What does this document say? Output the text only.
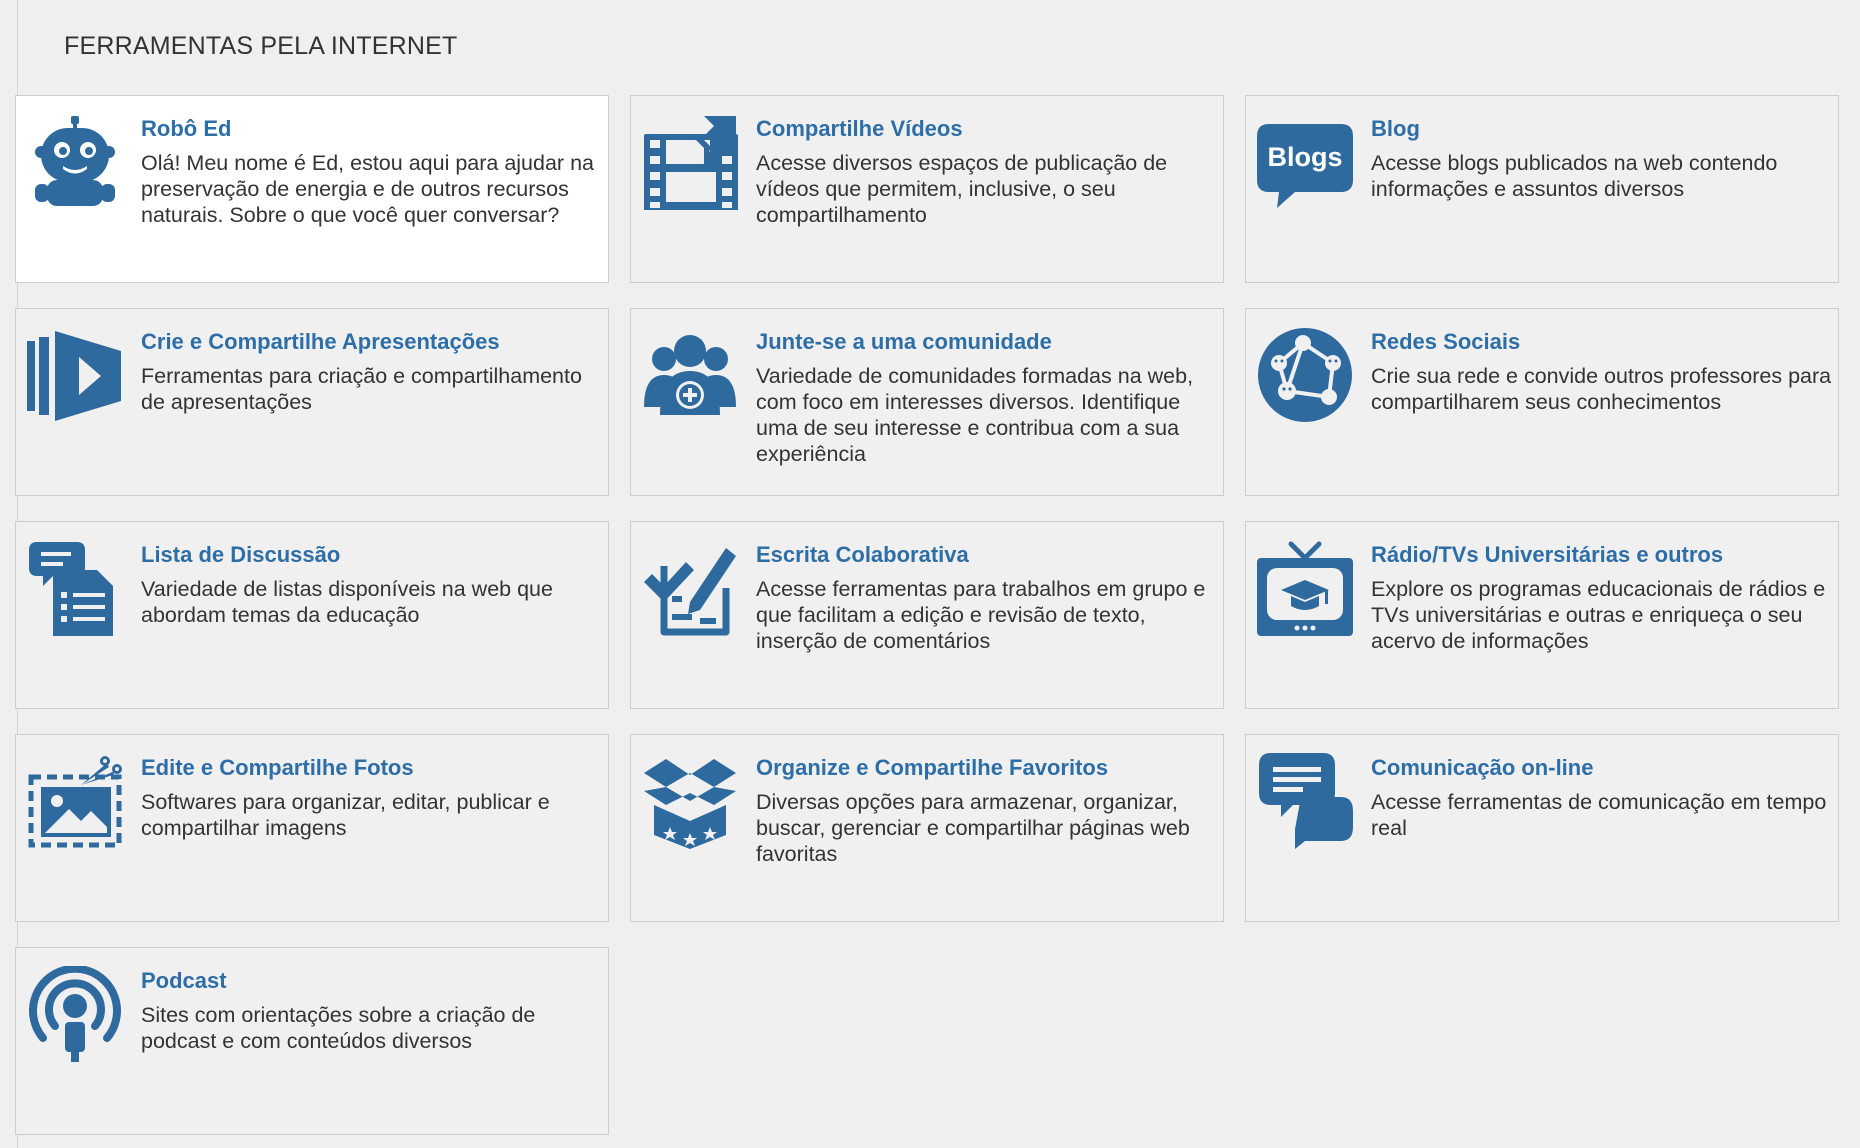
FERRAMENTAS PELA INTERNET
Robô Ed

Olá! Meu nome é Ed, estou aqui para ajudar na preservação de energia e de outros recursos naturais. Sobre o que você quer conversar?

Compartilhe Vídeos

Acesse diversos espaços de publicação de vídeos que permitem, inclusive, o seu compartilhamento

Blogs
Blog

Acesse blogs publicados na web contendo informações e assuntos diversos

Crie e Compartilhe Apresentações

Ferramentas para criação e compartilhamento de apresentações

Junte-se a uma comunidade

Variedade de comunidades formadas na web, com foco em interesses diversos. Identifique uma de seu interesse e contribua com a sua experiência

Redes Sociais

Crie sua rede e convide outros professores para compartilharem seus conhecimentos

Lista de Discussão

Variedade de listas disponíveis na web que abordam temas da educação

Escrita Colaborativa

Acesse ferramentas para trabalhos em grupo e que facilitam a edição e revisão de texto, inserção de comentários

Rádio/TVs Universitárias e outros

Explore os programas educacionais de rádios e TVs universitárias e outras e enriqueça o seu acervo de informações

Edite e Compartilhe Fotos

Softwares para organizar, editar, publicar e compartilhar imagens

Organize e Compartilhe Favoritos

Diversas opções para armazenar, organizar, buscar, gerenciar e compartilhar páginas web favoritas

Comunicação on-line

Acesse ferramentas de comunicação em tempo real

Podcast

Sites com orientações sobre a criação de podcast e com conteúdos diversos
